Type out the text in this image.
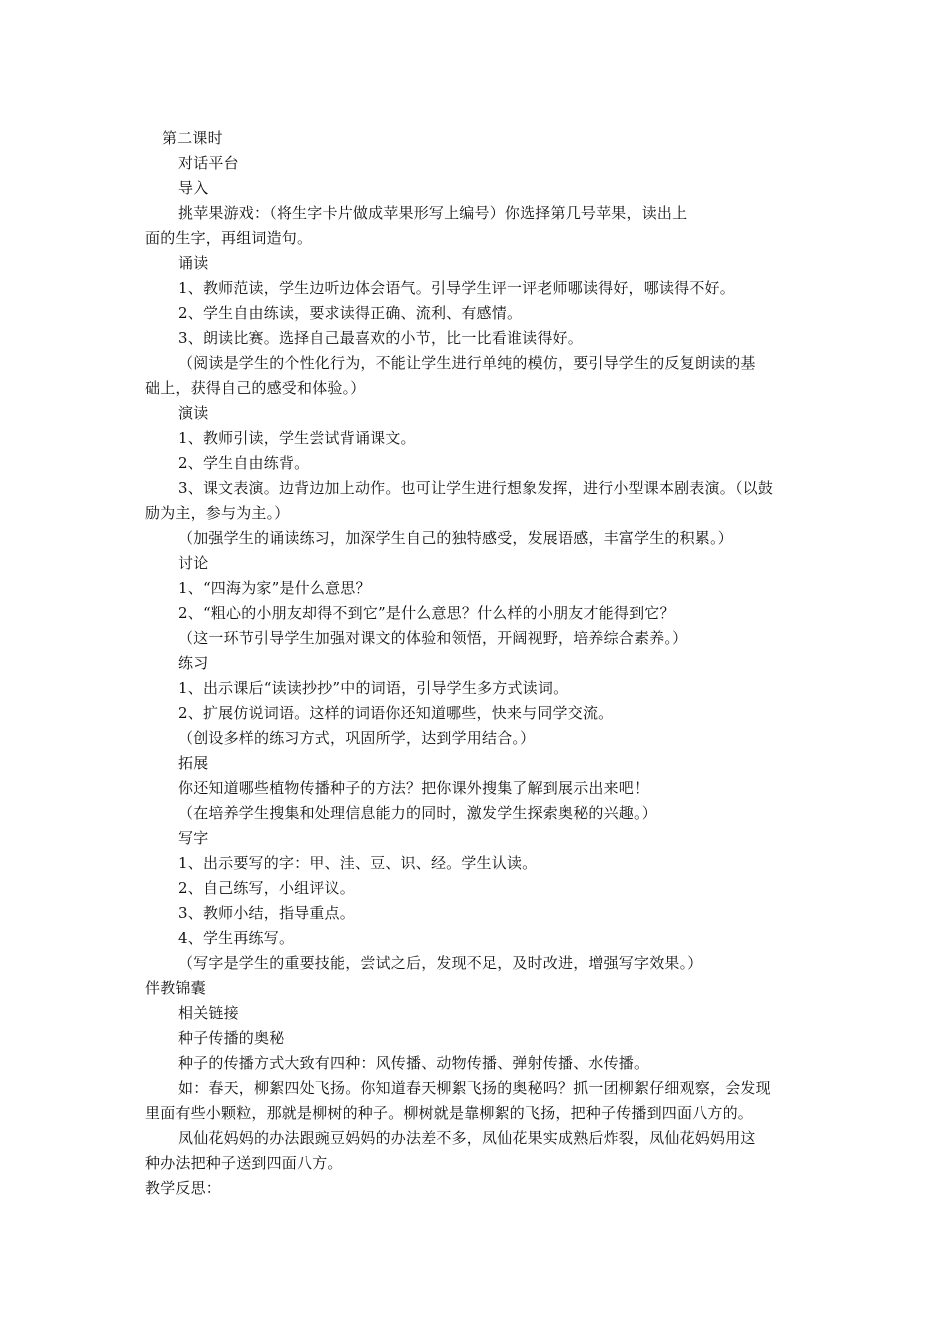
第二课时
对话平台
导入
挑苹果游戏：（将生字卡片做成苹果形写上编号）你选择第几号苹果，读出上
面的生字，再组词造句。
诵读
1、教师范读，学生边听边体会语气。引导学生评一评老师哪读得好，哪读得不好。
2、学生自由练读，要求读得正确、流利、有感情。
3、朗读比赛。选择自己最喜欢的小节，比一比看谁读得好。
（阅读是学生的个性化行为，不能让学生进行单纯的模仿，要引导学生的反复朗读的基
础上，获得自己的感受和体验。）
演读
1、教师引读，学生尝试背诵课文。
2、学生自由练背。
3、课文表演。边背边加上动作。也可让学生进行想象发挥，进行小型课本剧表演。（以鼓
励为主，参与为主。）
（加强学生的诵读练习，加深学生自己的独特感受，发展语感，丰富学生的积累。）
讨论
1、“四海为家”是什么意思？
2、“粗心的小朋友却得不到它”是什么意思？什么样的小朋友才能得到它？
（这一环节引导学生加强对课文的体验和领悟，开阔视野，培养综合素养。）
练习
1、出示课后“读读抄抄”中的词语，引导学生多方式读词。
2、扩展仿说词语。这样的词语你还知道哪些，快来与同学交流。
（创设多样的练习方式，巩固所学，达到学用结合。）
拓展
你还知道哪些植物传播种子的方法？把你课外搜集了解到展示出来吧！
（在培养学生搜集和处理信息能力的同时，激发学生探索奥秘的兴趣。）
写字
1、出示要写的字：甲、洼、豆、识、经。学生认读。
2、自己练写，小组评议。
3、教师小结，指导重点。
4、学生再练写。
（写字是学生的重要技能，尝试之后，发现不足，及时改进，增强写字效果。）
伴教锦囊
相关链接
种子传播的奥秘
种子的传播方式大致有四种：风传播、动物传播、弹射传播、水传播。
如：春天，柳絮四处飞扬。你知道春天柳絮飞扬的奥秘吗？抓一团柳絮仔细观察，会发现
里面有些小颗粒，那就是柳树的种子。柳树就是靠柳絮的飞扬，把种子传播到四面八方的。
凤仙花妈妈的办法跟豌豆妈妈的办法差不多，凤仙花果实成熟后炸裂，凤仙花妈妈用这
种办法把种子送到四面八方。
教学反思：
